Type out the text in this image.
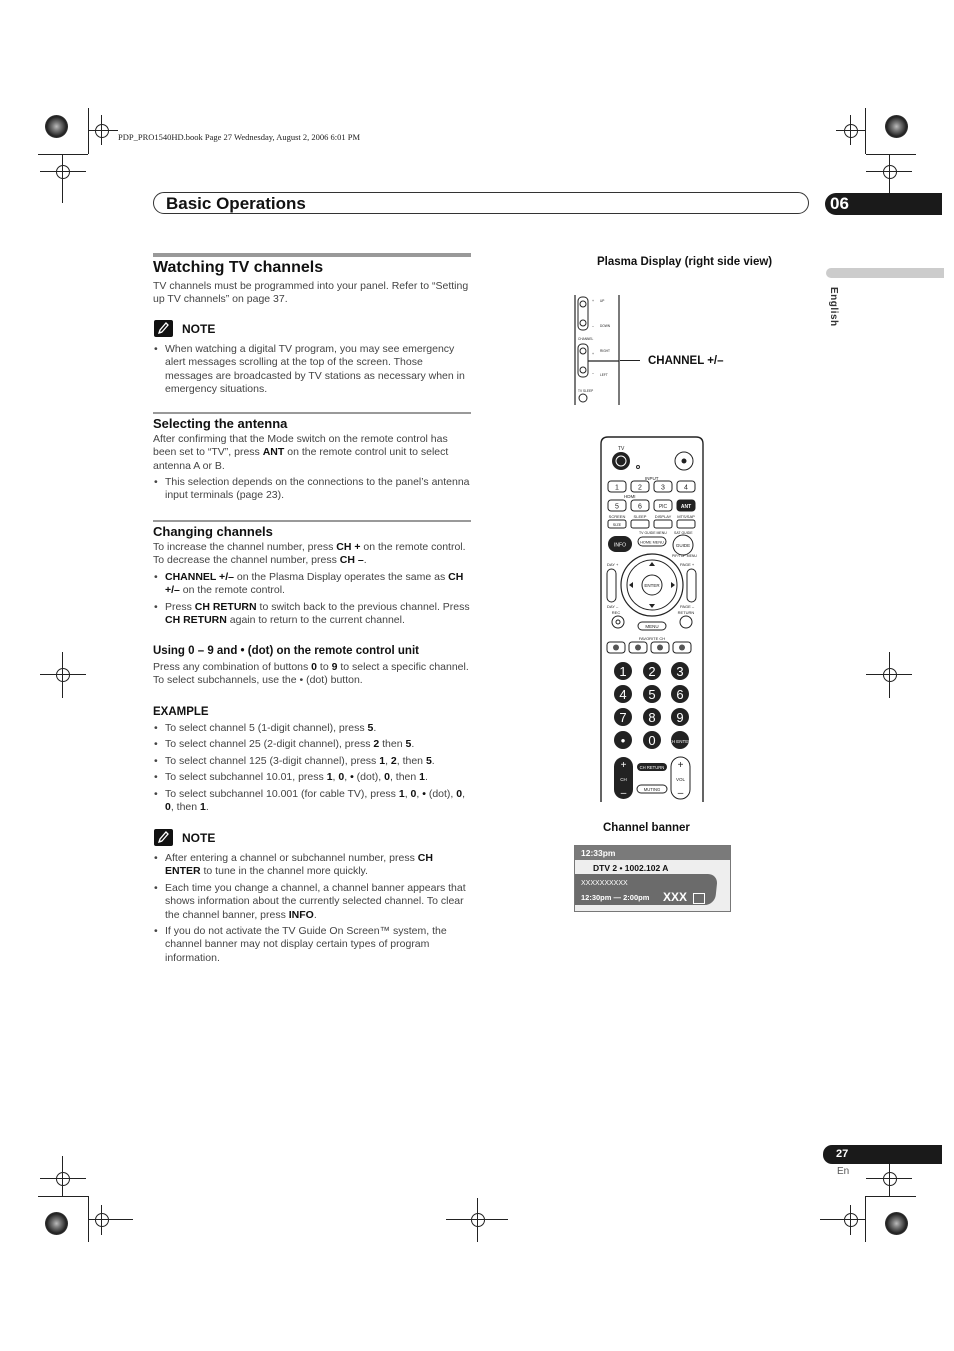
PDP_PRO1540HD.book Page 27 Wednesday, August 2, 2006 6:01 PM
Basic Operations	06
English
Watching TV channels
TV channels must be programmed into your panel. Refer to “Setting up TV channels” on page 37.
NOTE
• When watching a digital TV program, you may see emergency alert messages scrolling at the top of the screen. Those messages are broadcasted by TV stations as necessary when in emergency situations.
Selecting the antenna
After confirming that the Mode switch on the remote control has been set to “TV”, press ANT on the remote control unit to select antenna A or B.
• This selection depends on the connections to the panel’s antenna input terminals (page 23).
Changing channels
To increase the channel number, press CH + on the remote control. To decrease the channel number, press CH –.
• CHANNEL +/– on the Plasma Display operates the same as CH +/– on the remote control.
• Press CH RETURN to switch back to the previous channel. Press CH RETURN again to return to the current channel.
Using 0 – 9 and • (dot) on the remote control unit
Press any combination of buttons 0 to 9 to select a specific channel. To select subchannels, use the • (dot) button.
EXAMPLE
• To select channel 5 (1-digit channel), press 5.
• To select channel 25 (2-digit channel), press 2 then 5.
• To select channel 125 (3-digit channel), press 1, 2, then 5.
• To select subchannel 10.01, press 1, 0, • (dot), 0, then 1.
• To select subchannel 10.001 (for cable TV), press 1, 0, • (dot), 0, 0, then 1.
NOTE
• After entering a channel or subchannel number, press CH ENTER to tune in the channel more quickly.
• Each time you change a channel, a channel banner appears that shows information about the currently selected channel. To clear the channel banner, press INFO.
• If you do not activate the TV Guide On Screen™ system, the channel banner may not display certain types of program information.
Plasma Display (right side view)
+
–
+
–
UP
DOWN
CHANNEL
RIGHT
LEFT
TV SLEEP
CHANNEL +/–
TV
INPUT
1	2	3	4
HDMI
5	6	PIC	ANT
SCREEN SLEEP DISPLAY MTS/SAP
SIZE
TV GUIDE MENU SAT GUIDE
INFO	HOME MENU
GUIDE
PIP/TOP MENU
DAY +
DAY –
PAGE +
PAGE –
ENTER
REC	RETURN
MENU
FAVORITE CH
1 2 3
4 5 6
7 8 9
• 0	CH ENTER
+
CH
–
CH RETURN
MUTING
+
VOL
–
Channel banner
12:33pm
DTV 2 • 1002.102 A
XXXXXXXXXX
12:30pm — 2:00pm XXX
27
En
